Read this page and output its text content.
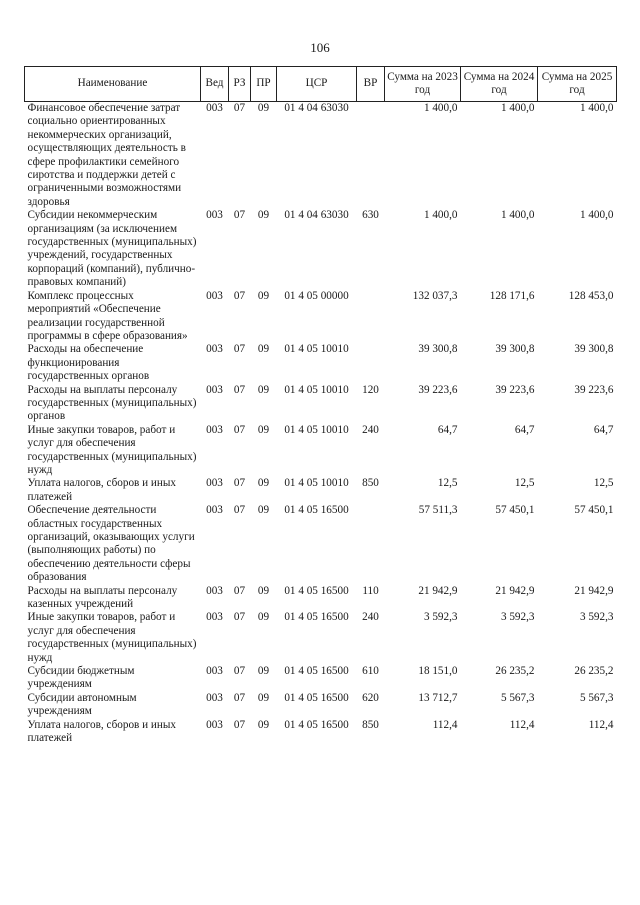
106
Наименование	Вед	РЗ	ПР	ЦСР	ВР	Сумма на 2023 год	Сумма на 2024 год	Сумма на 2025 год
Финансовое обеспечение затрат социально ориентированных некоммерческих организаций, осуществляющих деятельность в сфере профилактики семейного сиротства и поддержки детей с ограниченными возможностями здоровья	003	07	09	01 4 04 63030		1 400,0	1 400,0	1 400,0
Субсидии некоммерческим организациям (за исключением государственных (муниципальных) учреждений, государственных корпораций (компаний), публично-правовых компаний)	003	07	09	01 4 04 63030	630	1 400,0	1 400,0	1 400,0
Комплекс процессных мероприятий «Обеспечение реализации государственной программы в сфере образования»	003	07	09	01 4 05 00000		132 037,3	128 171,6	128 453,0
Расходы на обеспечение функционирования государственных органов	003	07	09	01 4 05 10010		39 300,8	39 300,8	39 300,8
Расходы на выплаты персоналу государственных (муниципальных) органов	003	07	09	01 4 05 10010	120	39 223,6	39 223,6	39 223,6
Иные закупки товаров, работ и услуг для обеспечения государственных (муниципальных) нужд	003	07	09	01 4 05 10010	240	64,7	64,7	64,7
Уплата налогов, сборов и иных платежей	003	07	09	01 4 05 10010	850	12,5	12,5	12,5
Обеспечение деятельности областных государственных организаций, оказывающих услуги (выполняющих работы) по обеспечению деятельности сферы образования	003	07	09	01 4 05 16500		57 511,3	57 450,1	57 450,1
Расходы на выплаты персоналу казенных учреждений	003	07	09	01 4 05 16500	110	21 942,9	21 942,9	21 942,9
Иные закупки товаров, работ и услуг для обеспечения государственных (муниципальных) нужд	003	07	09	01 4 05 16500	240	3 592,3	3 592,3	3 592,3
Субсидии бюджетным учреждениям	003	07	09	01 4 05 16500	610	18 151,0	26 235,2	26 235,2
Субсидии автономным учреждениям	003	07	09	01 4 05 16500	620	13 712,7	5 567,3	5 567,3
Уплата налогов, сборов и иных платежей	003	07	09	01 4 05 16500	850	112,4	112,4	112,4
